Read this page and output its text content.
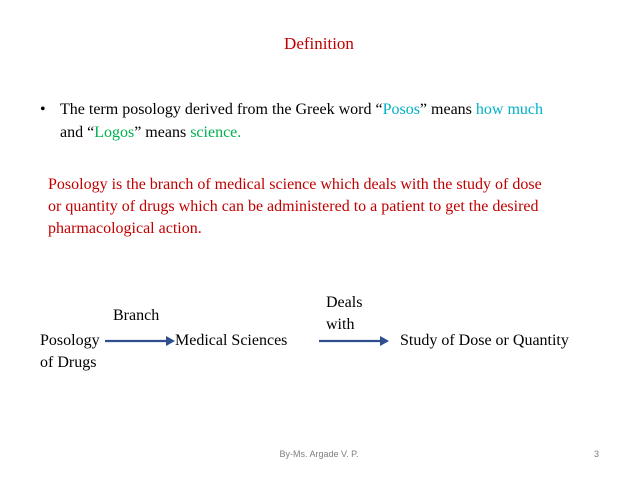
Definition
• The term posology derived from the Greek word “Posos” means how much
and “Logos” means science.
Posology is the branch of medical science which deals with the study of dose
or quantity of drugs which can be administered to a patient to get the desired
pharmacological action.
Branch
Deals
with
Posology
of Drugs
Medical Sciences	Study of Dose or Quantity
By-Ms. Argade V. P.	3
